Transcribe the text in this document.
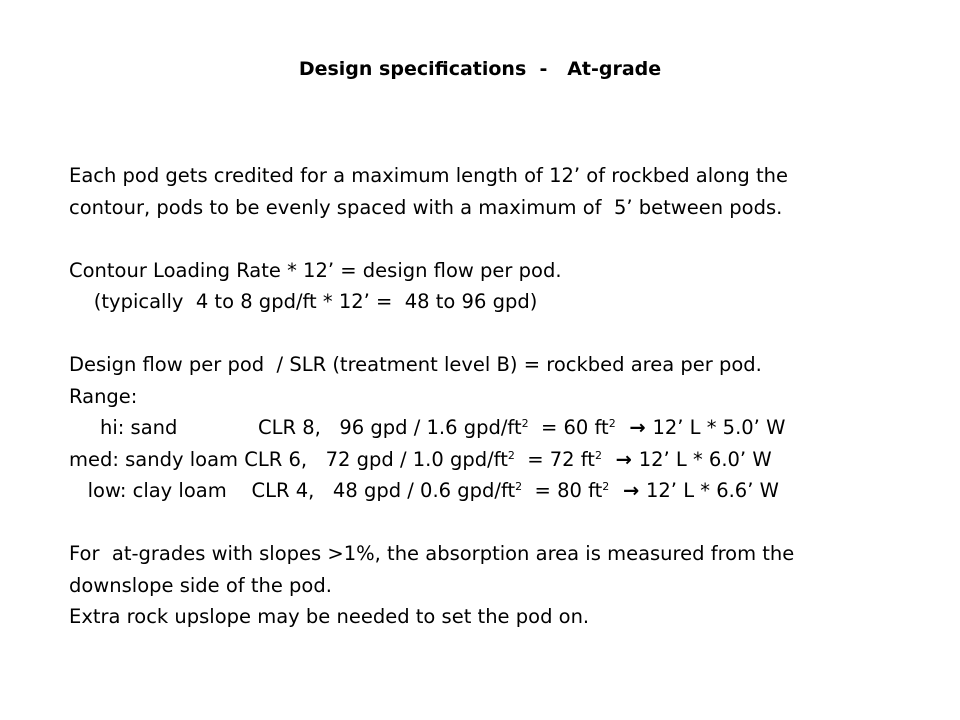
Design specifications  -   At-grade
Each pod gets credited for a maximum length of 12’ of rockbed along the
contour, pods to be evenly spaced with a maximum of  5’ between pods.
Contour Loading Rate * 12’ = design flow per pod.
(typically  4 to 8 gpd/ft * 12’ =  48 to 96 gpd)
Design flow per pod  / SLR (treatment level B) = rockbed area per pod.
Range:
hi: sand             CLR 8,   96 gpd / 1.6 gpd/$ft^2 = 60$ $ft^2 \to 12$’ L * 5.0’ W
med: sandy loam CLR 6,   72 gpd / 1.0 gpd/$ft^2 = 72$ $ft^2 \to 12$’ L * 6.0’ W
low: clay loam    CLR 4,   48 gpd / 0.6 gpd/$ft^2 = 80$ $ft^2 \to 12$’ L * 6.6’ W
For  at-grades with slopes >1%, the absorption area is measured from the
downslope side of the pod.
Extra rock upslope may be needed to set the pod on.
